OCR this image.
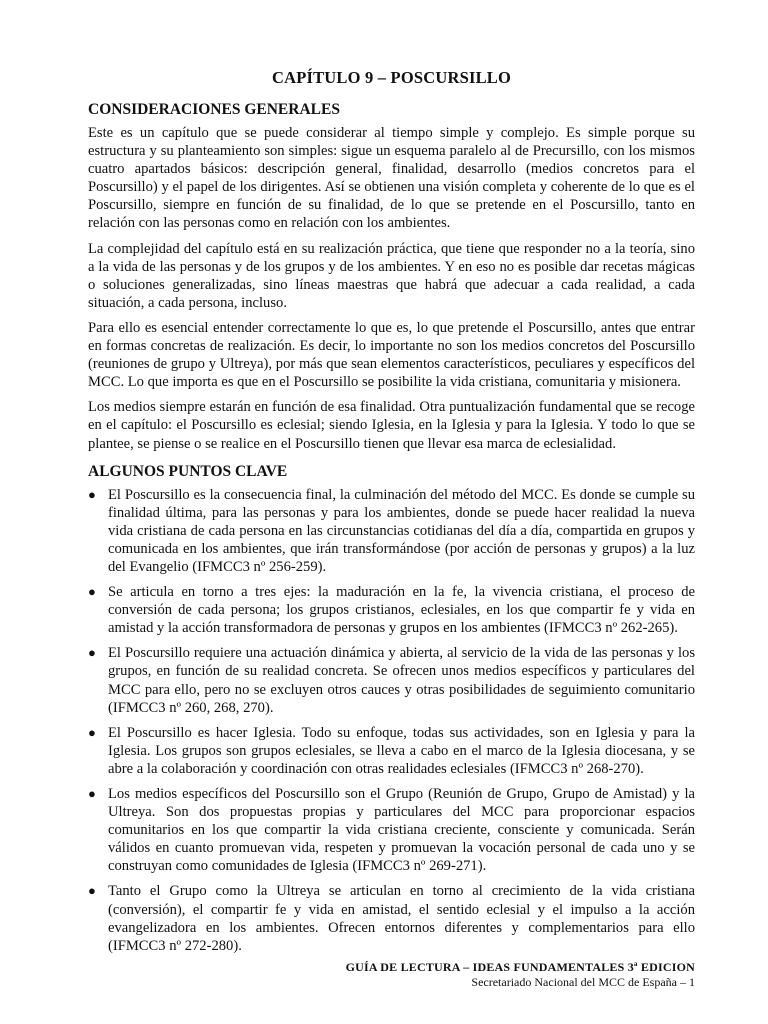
CAPÍTULO 9 – POSCURSILLO
CONSIDERACIONES GENERALES

Este es un capítulo que se puede considerar al tiempo simple y complejo. Es simple porque su estructura y su planteamiento son simples: sigue un esquema paralelo al de Precursillo, con los mismos cuatro apartados básicos: descripción general, finalidad, desarrollo (medios concretos para el Poscursillo) y el papel de los dirigentes. Así se obtienen una visión completa y coherente de lo que es el Poscursillo, siempre en función de su finalidad, de lo que se pretende en el Poscursillo, tanto en relación con las personas como en relación con los ambientes.

La complejidad del capítulo está en su realización práctica, que tiene que responder no a la teoría, sino a la vida de las personas y de los grupos y de los ambientes. Y en eso no es posible dar recetas mágicas o soluciones generalizadas, sino líneas maestras que habrá que adecuar a cada realidad, a cada situación, a cada persona, incluso.

Para ello es esencial entender correctamente lo que es, lo que pretende el Poscursillo, antes que entrar en formas concretas de realización. Es decir, lo importante no son los medios concretos del Poscursillo (reuniones de grupo y Ultreya), por más que sean elementos característicos, peculiares y específicos del MCC. Lo que importa es que en el Poscursillo se posibilite la vida cristiana, comunitaria y misionera.

Los medios siempre estarán en función de esa finalidad. Otra puntualización fundamental que se recoge en el capítulo: el Poscursillo es eclesial; siendo Iglesia, en la Iglesia y para la Iglesia. Y todo lo que se plantee, se piense o se realice en el Poscursillo tienen que llevar esa marca de eclesialidad.

ALGUNOS PUNTOS CLAVE
● El Poscursillo es la consecuencia final, la culminación del método del MCC. Es donde se cumple su finalidad última, para las personas y para los ambientes, donde se puede hacer realidad la nueva vida cristiana de cada persona en las circunstancias cotidianas del día a día, compartida en grupos y comunicada en los ambientes, que irán transformándose (por acción de personas y grupos) a la luz del Evangelio (IFMCC3 nº 256-259).
● Se articula en torno a tres ejes: la maduración en la fe, la vivencia cristiana, el proceso de conversión de cada persona; los grupos cristianos, eclesiales, en los que compartir fe y vida en amistad y la acción transformadora de personas y grupos en los ambientes (IFMCC3 nº 262-265).
● El Poscursillo requiere una actuación dinámica y abierta, al servicio de la vida de las personas y los grupos, en función de su realidad concreta. Se ofrecen unos medios específicos y particulares del MCC para ello, pero no se excluyen otros cauces y otras posibilidades de seguimiento comunitario (IFMCC3 nº 260, 268, 270).
● El Poscursillo es hacer Iglesia. Todo su enfoque, todas sus actividades, son en Iglesia y para la Iglesia. Los grupos son grupos eclesiales, se lleva a cabo en el marco de la Iglesia diocesana, y se abre a la colaboración y coordinación con otras realidades eclesiales (IFMCC3 nº 268-270).
● Los medios específicos del Poscursillo son el Grupo (Reunión de Grupo, Grupo de Amistad) y la Ultreya. Son dos propuestas propias y particulares del MCC para proporcionar espacios comunitarios en los que compartir la vida cristiana creciente, consciente y comunicada. Serán válidos en cuanto promuevan vida, respeten y promuevan la vocación personal de cada uno y se construyan como comunidades de Iglesia (IFMCC3 nº 269-271).
● Tanto el Grupo como la Ultreya se articulan en torno al crecimiento de la vida cristiana (conversión), el compartir fe y vida en amistad, el sentido eclesial y el impulso a la acción evangelizadora en los ambientes. Ofrecen entornos diferentes y complementarios para ello (IFMCC3 nº 272-280).
GUÍA DE LECTURA – IDEAS FUNDAMENTALES 3ª EDICION
Secretariado Nacional del MCC de España – 1
